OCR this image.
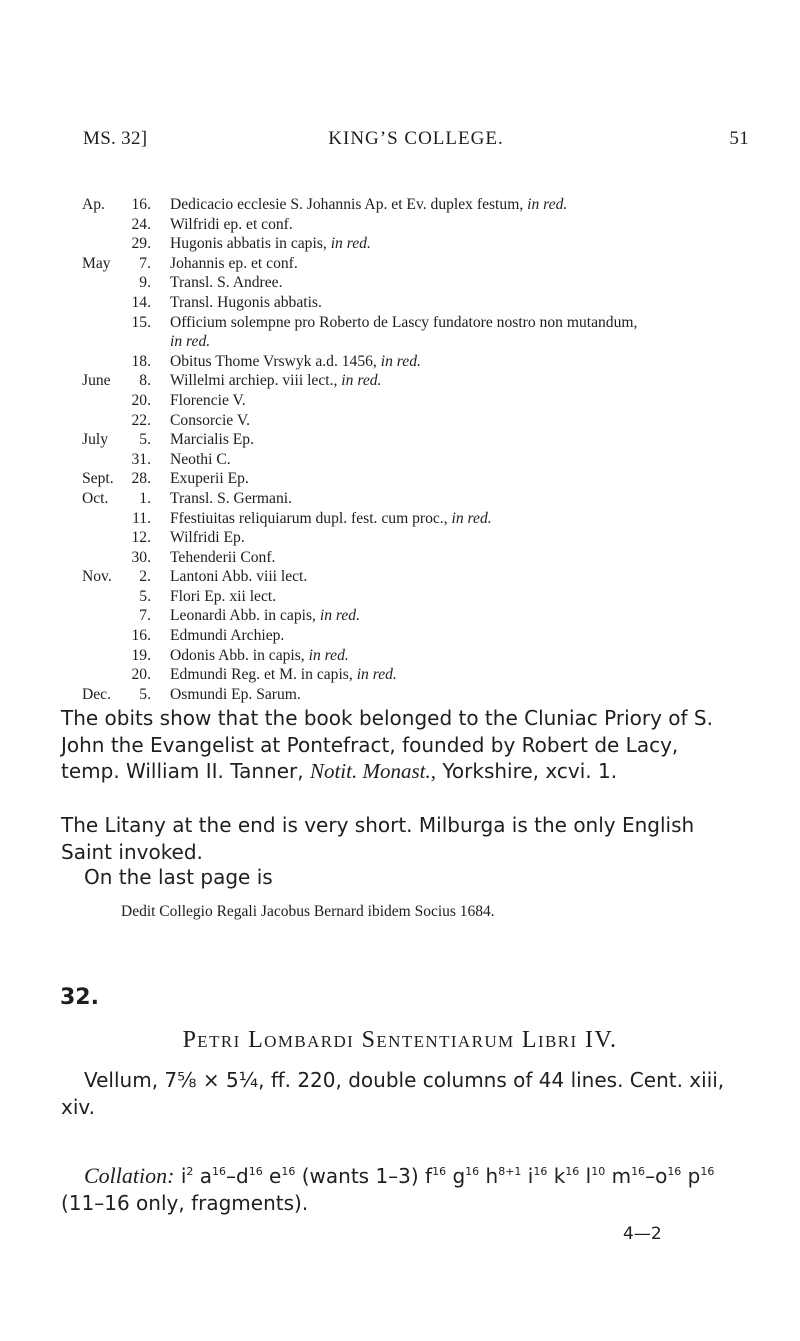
MS. 32]	KING’S COLLEGE.	51
Ap.	16. Dedicacio ecclesie S. Johannis Ap. et Ev. duplex festum, in red.
24. Wilfridi ep. et conf.
29. Hugonis abbatis in capis, in red.
May	7. Johannis ep. et conf.
9. Transl. S. Andree.
14. Transl. Hugonis abbatis.
15. Officium solempne pro Roberto de Lascy fundatore nostro non mutandum,
in red.
18. Obitus Thome Vrswyk a.d. 1456, in red.
June	8. Willelmi archiep. viii lect., in red.
20. Florencie V.
22. Consorcie V.
July	5. Marcialis Ep.
31. Neothi C.
Sept.	28. Exuperii Ep.
Oct.	1. Transl. S. Germani.
11. Ffestiuitas reliquiarum dupl. fest. cum proc., in red.
12. Wilfridi Ep.
30. Tehenderii Conf.
Nov.	2. Lantoni Abb. viii lect.
5. Flori Ep. xii lect.
7. Leonardi Abb. in capis, in red.
16. Edmundi Archiep.
19. Odonis Abb. in capis, in red.
20. Edmundi Reg. et M. in capis, in red.
Dec.	5. Osmundi Ep. Sarum.
The obits show that the book belonged to the Cluniac Priory of S. John the Evangelist at Pontefract, founded by Robert de Lacy, temp. William II. Tanner, Notit. Monast., Yorkshire, xcvi. 1.
The Litany at the end is very short. Milburga is the only English Saint invoked.
On the last page is
Dedit Collegio Regali Jacobus Bernard ibidem Socius 1684.
32.
Petri Lombardi Sententiarum Libri IV.
Vellum, 7⅝ × 5¼, ff. 220, double columns of 44 lines. Cent. xiii, xiv.
Collation: $i^2$ $a^{16}-d^{16}$ $e^{16}$ (wants 1–3) $f^{16}$ $g^{16}$ $h^{8+1}$ $i^{16}$ $k^{16}$ $l^{10}$ $m^{16}-o^{16}$ $p^{16}$ (11–16 only, fragments).
4—2
